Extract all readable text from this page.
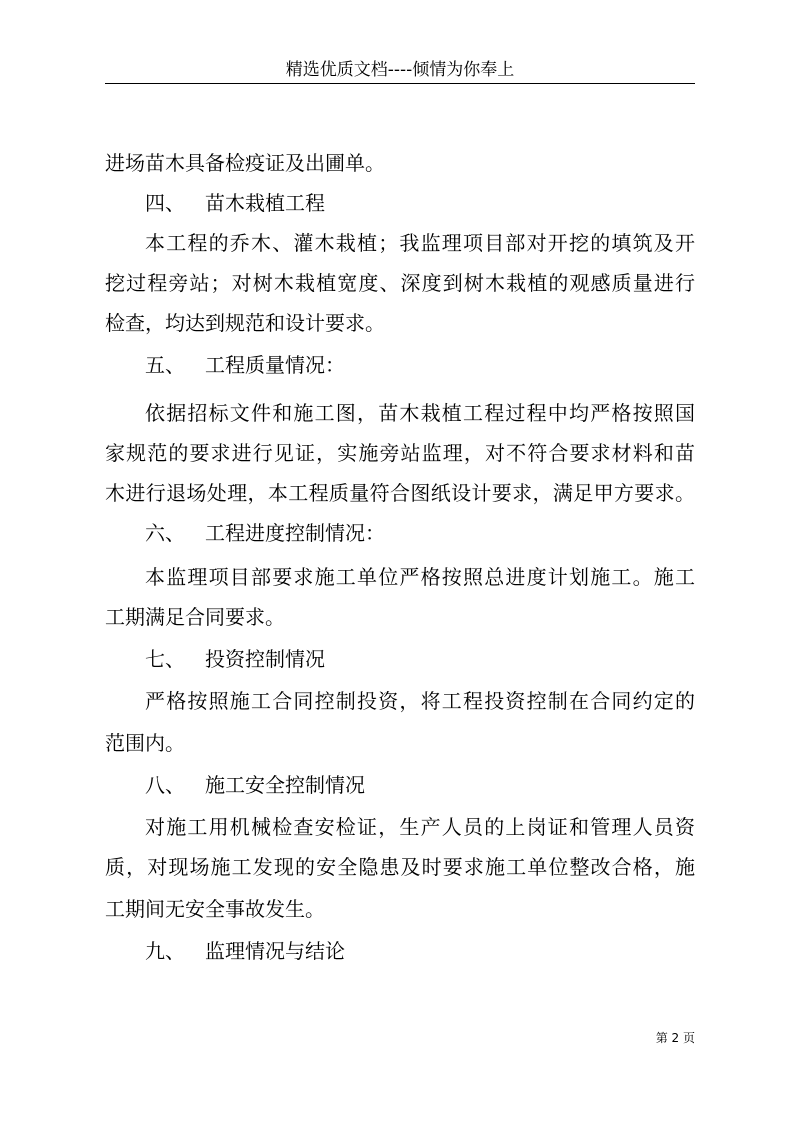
精选优质文档----倾情为你奉上
进场苗木具备检疫证及出圃单。
四、 苗木栽植工程
本工程的乔木、灌木栽植；我监理项目部对开挖的填筑及开
挖过程旁站；对树木栽植宽度、深度到树木栽植的观感质量进行
检查，均达到规范和设计要求。
五、 工程质量情况：
依据招标文件和施工图，苗木栽植工程过程中均严格按照国
家规范的要求进行见证，实施旁站监理，对不符合要求材料和苗
木进行退场处理，本工程质量符合图纸设计要求，满足甲方要求。
六、 工程进度控制情况：
本监理项目部要求施工单位严格按照总进度计划施工。施工
工期满足合同要求。
七、 投资控制情况
严格按照施工合同控制投资，将工程投资控制在合同约定的
范围内。
八、 施工安全控制情况
对施工用机械检查安检证，生产人员的上岗证和管理人员资
质，对现场施工发现的安全隐患及时要求施工单位整改合格，施
工期间无安全事故发生。
九、 监理情况与结论
第 2 页
